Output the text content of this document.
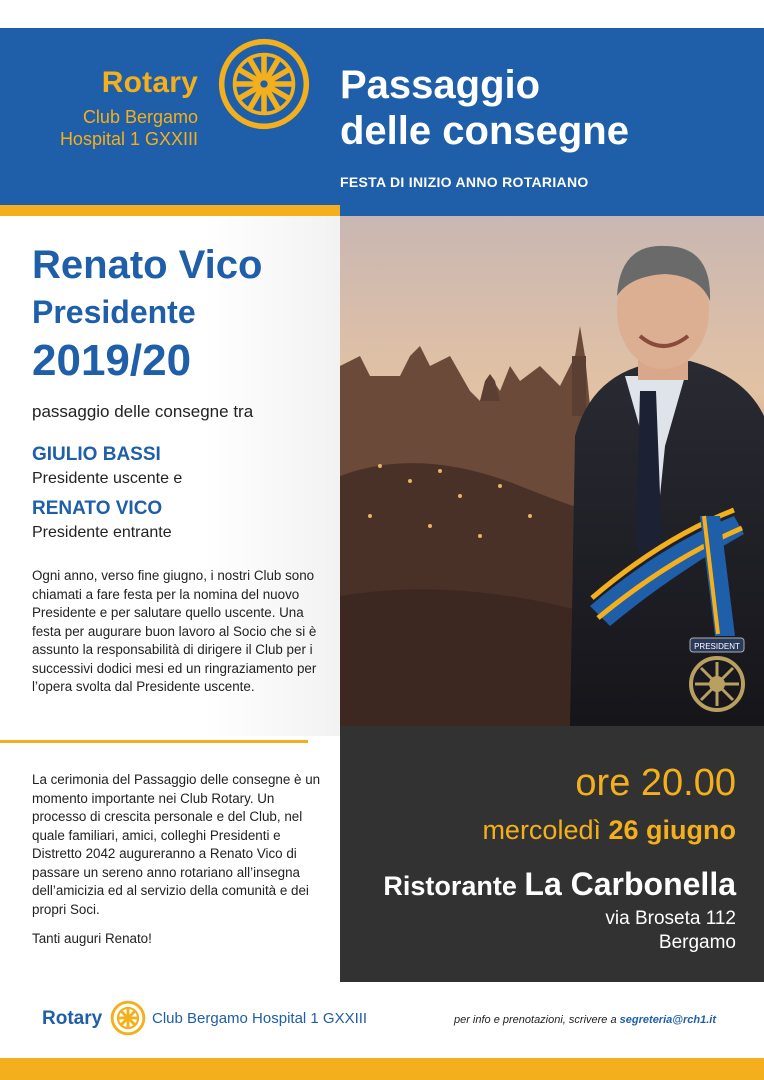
Rotary
Club Bergamo
Hospital 1 GXXIII
Passaggio
delle consegne
FESTA DI INIZIO ANNO ROTARIANO
PRESIDENT
Renato Vico
Presidente
2019/20
passaggio delle consegne tra
GIULIO BASSI
Presidente uscente e
RENATO VICO
Presidente entrante
Ogni anno, verso fine giugno, i nostri Club sono chiamati a fare festa per la nomina del nuovo Presidente e per salutare quello uscente. Una festa per augurare buon lavoro al Socio che si è assunto la responsabilità di dirigere il Club per i successivi dodici mesi ed un ringraziamento per l’opera svolta dal Presidente uscente.
La cerimonia del Passaggio delle consegne è un momento importante nei Club Rotary. Un processo di crescita personale e del Club, nel quale familiari, amici, colleghi Presidenti e Distretto 2042 augureranno a Renato Vico di passare un sereno anno rotariano all’insegna dell’amicizia ed al servizio della comunità e dei propri Soci.
Tanti auguri Renato!
ore 20.00
mercoledì 26 giugno
Ristorante La Carbonella
via Broseta 112
Bergamo
Rotary	Club Bergamo Hospital 1 GXXIII	per info e prenotazioni, scrivere a segreteria@rch1.it
